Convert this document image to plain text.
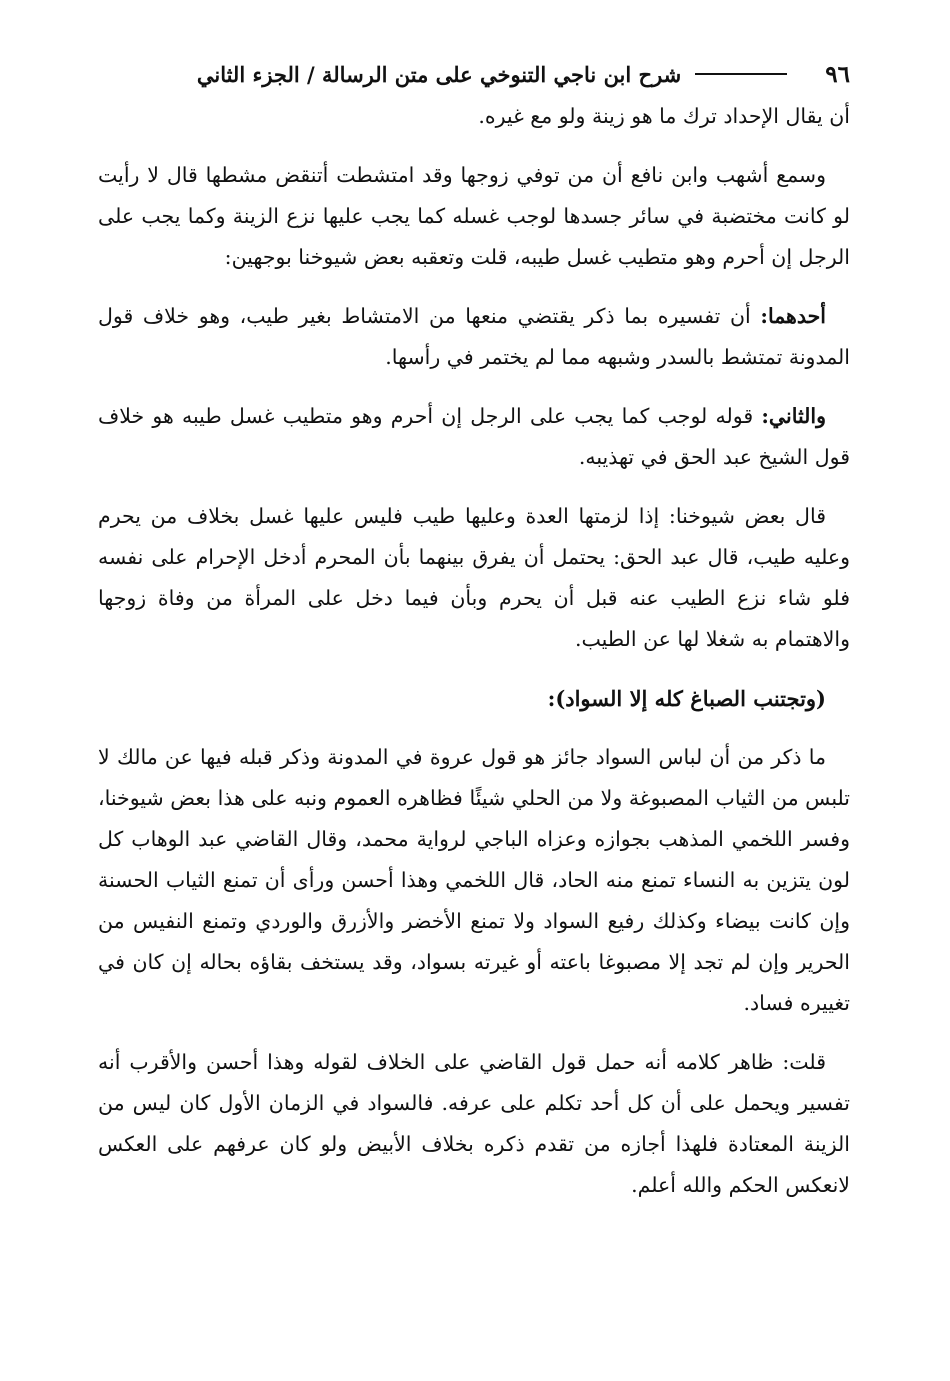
٩٦
شرح ابن ناجي التنوخي على متن الرسالة / الجزء الثاني

أن يقال الإحداد ترك ما هو زينة ولو مع غيره.

وسمع أشهب وابن نافع أن من توفي زوجها وقد امتشطت أتنقض مشطها قال لا رأيت لو كانت مختضبة في سائر جسدها لوجب غسله كما يجب عليها نزع الزينة وكما يجب على الرجل إن أحرم وهو متطيب غسل طيبه، قلت وتعقبه بعض شيوخنا بوجهين:

أحدهما: أن تفسيره بما ذكر يقتضي منعها من الامتشاط بغير طيب، وهو خلاف قول المدونة تمتشط بالسدر وشبهه مما لم يختمر في رأسها.

والثاني: قوله لوجب كما يجب على الرجل إن أحرم وهو متطيب غسل طيبه هو خلاف قول الشيخ عبد الحق في تهذيبه.

قال بعض شيوخنا: إذا لزمتها العدة وعليها طيب فليس عليها غسل بخلاف من يحرم وعليه طيب، قال عبد الحق: يحتمل أن يفرق بينهما بأن المحرم أدخل الإحرام على نفسه فلو شاء نزع الطيب عنه قبل أن يحرم وبأن فيما دخل على المرأة من وفاة زوجها والاهتمام به شغلا لها عن الطيب.

(وتجتنب الصباغ كله إلا السواد):

ما ذكر من أن لباس السواد جائز هو قول عروة في المدونة وذكر قبله فيها عن مالك لا تلبس من الثياب المصبوغة ولا من الحلي شيئًا فظاهره العموم ونبه على هذا بعض شيوخنا، وفسر اللخمي المذهب بجوازه وعزاه الباجي لرواية محمد، وقال القاضي عبد الوهاب كل لون يتزين به النساء تمنع منه الحاد، قال اللخمي وهذا أحسن ورأى أن تمنع الثياب الحسنة وإن كانت بيضاء وكذلك رفيع السواد ولا تمنع الأخضر والأزرق والوردي وتمنع النفيس من الحرير وإن لم تجد إلا مصبوغا باعته أو غيرته بسواد، وقد يستخف بقاؤه بحاله إن كان في تغييره فساد.

قلت: ظاهر كلامه أنه حمل قول القاضي على الخلاف لقوله وهذا أحسن والأقرب أنه تفسير ويحمل على أن كل أحد تكلم على عرفه. فالسواد في الزمان الأول كان ليس من الزينة المعتادة فلهذا أجازه من تقدم ذكره بخلاف الأبيض ولو كان عرفهم على العكس لانعكس الحكم والله أعلم.
